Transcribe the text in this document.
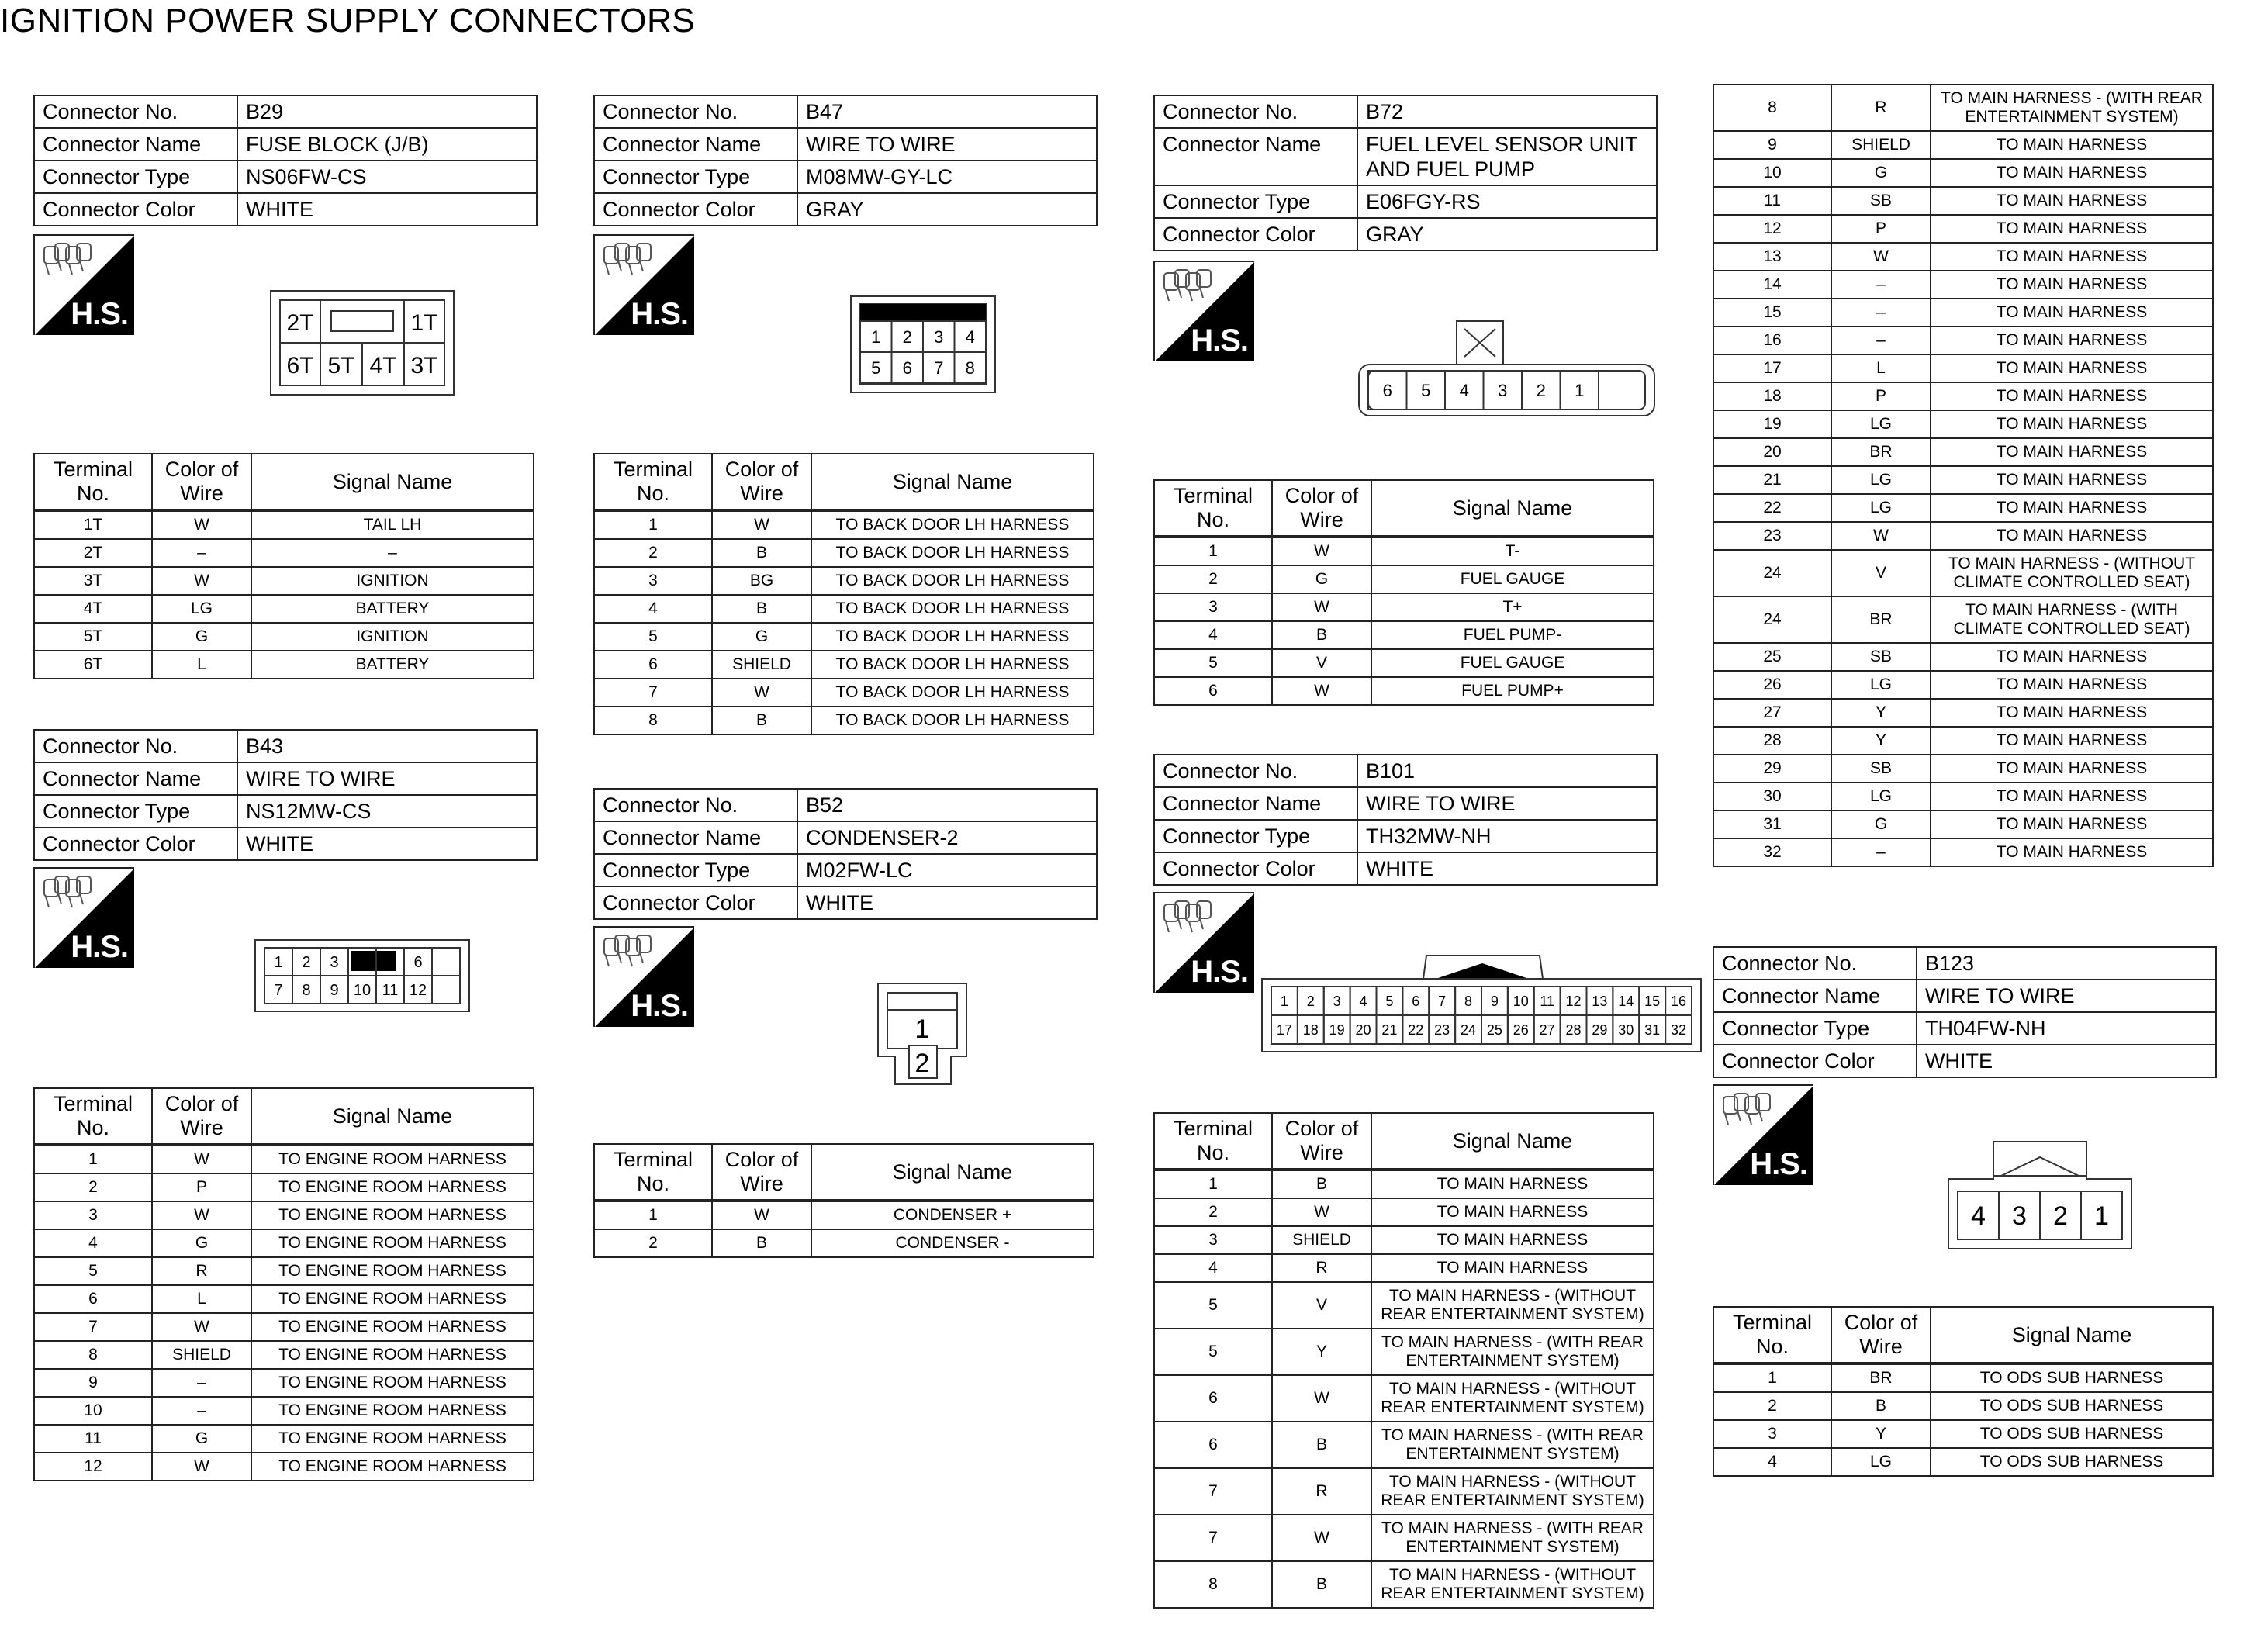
IGNITION POWER SUPPLY CONNECTORS
Connector No.	B29
Connector Name	FUSE BLOCK (J/B)
Connector Type	NS06FW-CS
Connector Color	WHITE
H.S.	2T	1T
6T 5T 4T 3T
Terminal No.	Color of Wire	Signal Name
1T	W	TAIL LH
2T	–	–
3T	W	IGNITION
4T	LG	BATTERY
5T	G	IGNITION
6T	L	BATTERY
Connector No.	B43
Connector Name	WIRE TO WIRE
Connector Type	NS12MW-CS
Connector Color	WHITE
H.S.	1 2 3 4 5 6
7 8 9 10 11 12
Terminal No.	Color of Wire	Signal Name
1	W	TO ENGINE ROOM HARNESS
2	P	TO ENGINE ROOM HARNESS
3	W	TO ENGINE ROOM HARNESS
4	G	TO ENGINE ROOM HARNESS
5	R	TO ENGINE ROOM HARNESS
6	L	TO ENGINE ROOM HARNESS
7	W	TO ENGINE ROOM HARNESS
8	SHIELD	TO ENGINE ROOM HARNESS
9	–	TO ENGINE ROOM HARNESS
10	–	TO ENGINE ROOM HARNESS
11	G	TO ENGINE ROOM HARNESS
12	W	TO ENGINE ROOM HARNESS
Connector No.	B47
Connector Name	WIRE TO WIRE
Connector Type	M08MW-GY-LC
Connector Color	GRAY
H.S.
1 2 3 4
5 6 7 8
Terminal No.	Color of Wire	Signal Name
1	W	TO BACK DOOR LH HARNESS
2	B	TO BACK DOOR LH HARNESS
3	BG	TO BACK DOOR LH HARNESS
4	B	TO BACK DOOR LH HARNESS
5	G	TO BACK DOOR LH HARNESS
6	SHIELD	TO BACK DOOR LH HARNESS
7	W	TO BACK DOOR LH HARNESS
8	B	TO BACK DOOR LH HARNESS
Connector No.	B52
Connector Name	CONDENSER-2
Connector Type	M02FW-LC
Connector Color	WHITE
H.S.
1
2
Terminal No.	Color of Wire	Signal Name
1	W	CONDENSER +
2	B	CONDENSER -
Connector No.	B72
Connector Name	FUEL LEVEL SENSOR UNIT AND FUEL PUMP
Connector Type	E06FGY-RS
Connector Color	GRAY
H.S.
6 5 4 3 2 1
Terminal No.	Color of Wire	Signal Name
1	W	T-
2	G	FUEL GAUGE
3	W	T+
4	B	FUEL PUMP-
5	V	FUEL GAUGE
6	W	FUEL PUMP+
Connector No.	B101
Connector Name	WIRE TO WIRE
Connector Type	TH32MW-NH
Connector Color	WHITE
H.S.
1 2 3 4 5 6 7 8 9 10 11 12 13 14 15 16
17 18 19 20 21 22 23 24 25 26 27 28 29 30 31 32
Terminal No.	Color of Wire	Signal Name
1	B	TO MAIN HARNESS
2	W	TO MAIN HARNESS
3	SHIELD	TO MAIN HARNESS
4	R	TO MAIN HARNESS
5	V	TO MAIN HARNESS - (WITHOUT REAR ENTERTAINMENT SYSTEM)
5	Y	TO MAIN HARNESS - (WITH REAR ENTERTAINMENT SYSTEM)
6	W	TO MAIN HARNESS - (WITHOUT REAR ENTERTAINMENT SYSTEM)
6	B	TO MAIN HARNESS - (WITH REAR ENTERTAINMENT SYSTEM)
7	R	TO MAIN HARNESS - (WITHOUT REAR ENTERTAINMENT SYSTEM)
7	W	TO MAIN HARNESS - (WITH REAR ENTERTAINMENT SYSTEM)
8	B	TO MAIN HARNESS - (WITHOUT REAR ENTERTAINMENT SYSTEM)
8	R	TO MAIN HARNESS - (WITH REAR ENTERTAINMENT SYSTEM)
9	SHIELD	TO MAIN HARNESS
10	G	TO MAIN HARNESS
11	SB	TO MAIN HARNESS
12	P	TO MAIN HARNESS
13	W	TO MAIN HARNESS
14	–	TO MAIN HARNESS
15	–	TO MAIN HARNESS
16	–	TO MAIN HARNESS
17	L	TO MAIN HARNESS
18	P	TO MAIN HARNESS
19	LG	TO MAIN HARNESS
20	BR	TO MAIN HARNESS
21	LG	TO MAIN HARNESS
22	LG	TO MAIN HARNESS
23	W	TO MAIN HARNESS
24	V	TO MAIN HARNESS - (WITHOUT CLIMATE CONTROLLED SEAT)
24	BR	TO MAIN HARNESS - (WITH CLIMATE CONTROLLED SEAT)
25	SB	TO MAIN HARNESS
26	LG	TO MAIN HARNESS
27	Y	TO MAIN HARNESS
28	Y	TO MAIN HARNESS
29	SB	TO MAIN HARNESS
30	LG	TO MAIN HARNESS
31	G	TO MAIN HARNESS
32	–	TO MAIN HARNESS
Connector No.	B123
Connector Name	WIRE TO WIRE
Connector Type	TH04FW-NH
Connector Color	WHITE
H.S.
4 3 2 1
Terminal No.	Color of Wire	Signal Name
1	BR	TO ODS SUB HARNESS
2	B	TO ODS SUB HARNESS
3	Y	TO ODS SUB HARNESS
4	LG	TO ODS SUB HARNESS
